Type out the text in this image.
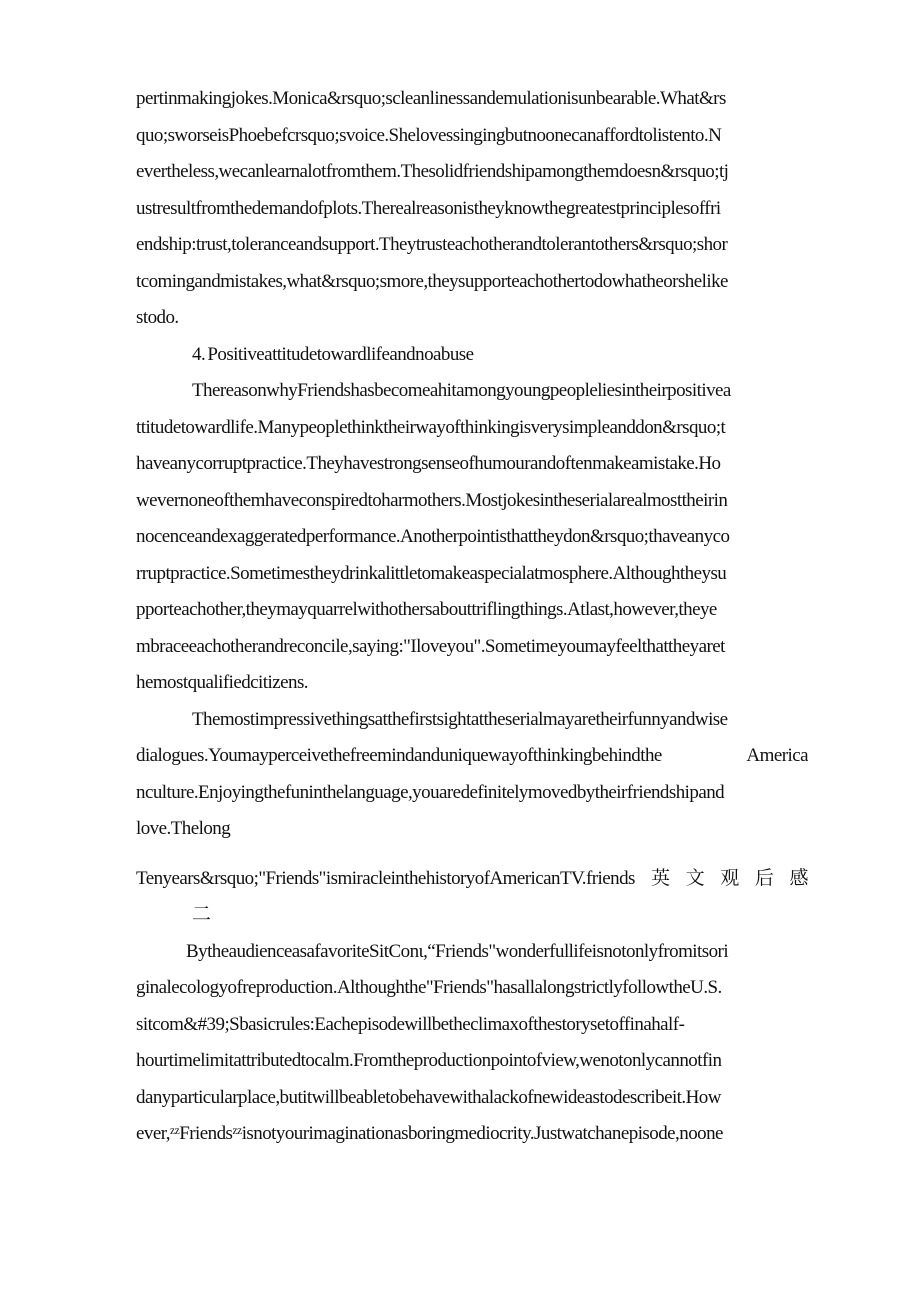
pertinmakingjokes.Monica&rsquo;scleanlinessandemulationisunbearable.What&rs
quo;sworseisPhoebefcrsquo;svoice.Shelovessingingbutnoonecanaffordtolistento.N
evertheless,wecanlearnalotfromthem.Thesolidfriendshipamongthemdoesn&rsquo;tj
ustresultfromthedemandofplots.Therealreasonistheyknowthegreatestprinciplesoffri
endship:trust,toleranceandsupport.Theytrusteachotherandtolerantothers&rsquo;shor
tcomingandmistakes,what&rsquo;smore,theysupporteachothertodowhatheorshelike
stodo.
4. Positiveattitudetowardlifeandnoabuse
ThereasonwhyFriendshasbecomeahitamongyoungpeopleliesintheirpositivea
ttitudetowardlife.Manypeoplethinktheirwayofthinkingisverysimpleanddon&rsquo;t
haveanycorruptpractice.Theyhavestrongsenseofhumourandoftenmakeamistake.Ho
wevernoneofthemhaveconspiredtoharmothers.Mostjokesintheserialarealmosttheirin
nocenceandexaggeratedperformance.Anotherpointisthattheydon&rsquo;thaveanyco
rruptpractice.Sometimestheydrinkalittletomakeaspecialatmosphere.Althoughtheysu
pporteachother,theymayquarrelwithothersabouttriflingthings.Atlast,however,theye
mbraceeachotherandreconcile,saying:"Iloveyou".Sometimeyoumayfeelthattheyaret
hemostqualifiedcitizens.
Themostimpressivethingsatthefirstsightattheserialmayaretheirfunnyandwise
dialogues.Youmayperceivethefreemindanduniquewayofthinkingbehindthe America
nculture.Enjoyingthefuninthelanguage,youaredefinitelymovedbytheirfriendshipand
love.Thelong
Tenyears&rsquo;"Friends"ismiracleinthehistoryofAmericanTV.friends英文观后感
二
BytheaudienceasafavoriteSitConι,“Friends"wonderfullifeisnotonlyfromitsori
ginalecologyofreproduction.Althoughthe"Friends"hasallalongstrictlyfollowtheU.S.
sitcom&#39;Sbasicrules:Eachepisodewillbetheclimaxofthestorysetoffinahalf-
hourtimelimitattributedtocalm.Fromtheproductionpointofview,wenotonlycannotfin
danyparticularplace,butitwillbeabletobehavewithalackofnewideastodescribeit.How
ever,ᶻᶻFriendsᶻᶻisnotyourimaginationasboringmediocrity.Justwatchanepisode,noone
